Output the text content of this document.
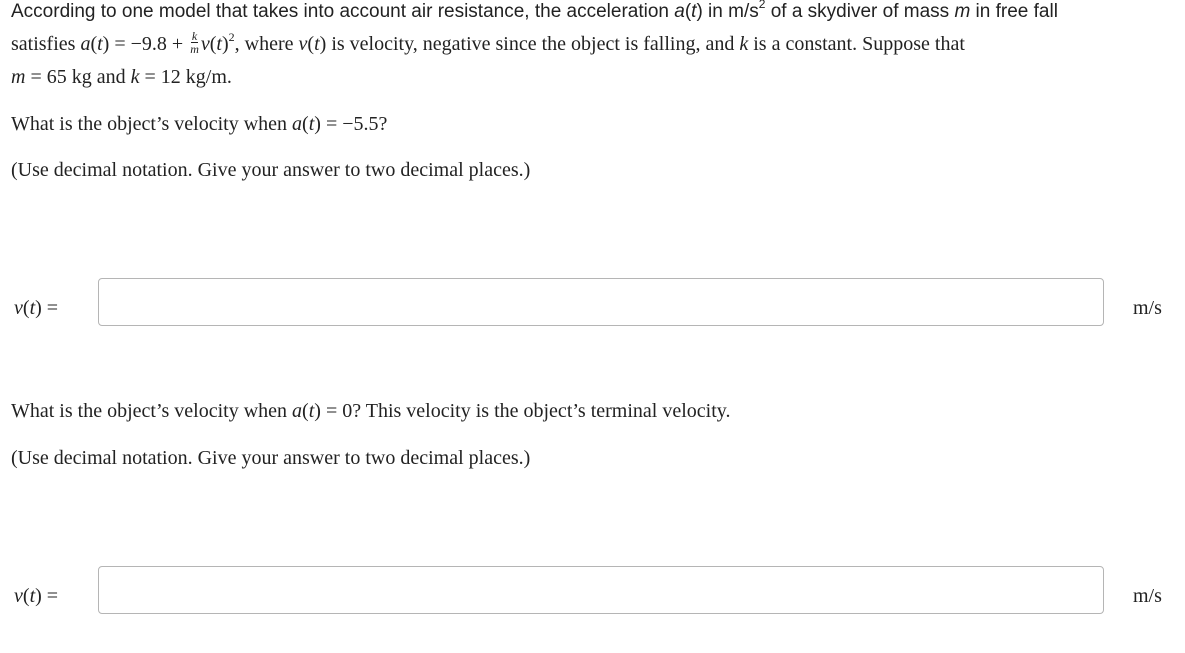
According to one model that takes into account air resistance, the acceleration a(t) in $m/s^2$ of a skydiver of mass m in free fall
satisfies $a(t) = -9.8 + \frac{k}{m} v(t)^2$, where v(t) is velocity, negative since the object is falling, and k is a constant. Suppose that
m = 65 kg and k = 12 kg/m.
What is the object’s velocity when a(t) = −5.5?
(Use decimal notation. Give your answer to two decimal places.)
v(t) =	m/s
What is the object’s velocity when a(t) = 0? This velocity is the object’s terminal velocity.
(Use decimal notation. Give your answer to two decimal places.)
v(t) =	m/s
